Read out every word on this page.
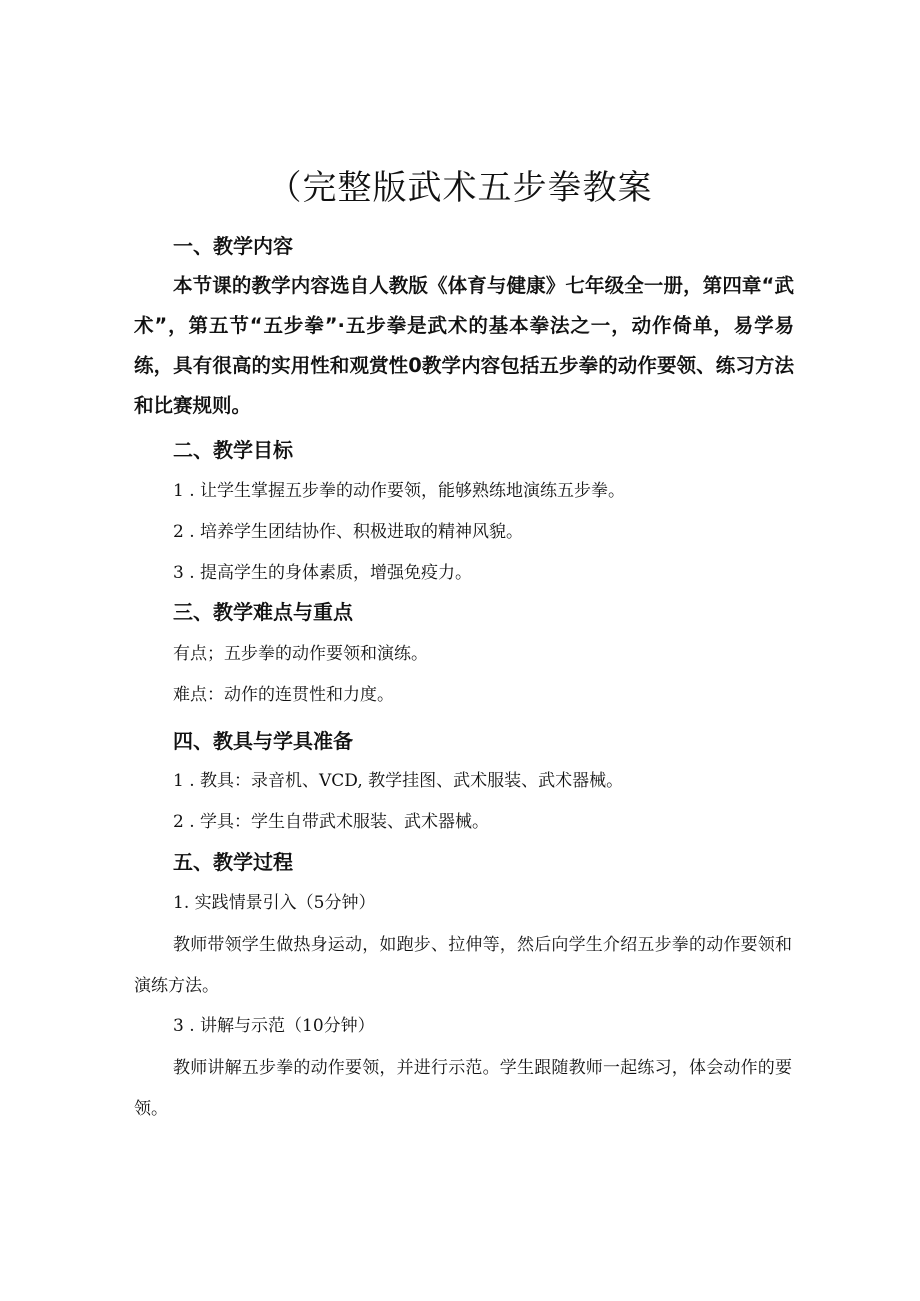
（完整版武术五步拳教案
一、教学内容

本节课的教学内容选自人教版《体育与健康》七年级全一册，第四章“武术”，第五节“五步拳”·五步拳是武术的基本拳法之一，动作倚单，易学易练，具有很高的实用性和观赏性0教学内容包括五步拳的动作要领、练习方法和比赛规则。

二、教学目标

1 . 让学生掌握五步拳的动作要领，能够熟练地演练五步拳。

2 . 培养学生团结协作、积极进取的精神风貌。

3 . 提高学生的身体素质，增强免疫力。

三、教学难点与重点

有点；五步拳的动作要领和演练。

难点：动作的连贯性和力度。

四、教具与学具准备

1 . 教具：录音机、VCD, 教学挂图、武术服装、武术器械。

2 . 学具：学生自带武术服装、武术器械。

五、教学过程

1. 实践情景引入（5分钟）

教师带领学生做热身运动，如跑步、拉伸等，然后向学生介绍五步拳的动作要领和演练方法。

3 . 讲解与示范（10分钟）

教师讲解五步拳的动作要领，并进行示范。学生跟随教师一起练习，体会动作的要领。
